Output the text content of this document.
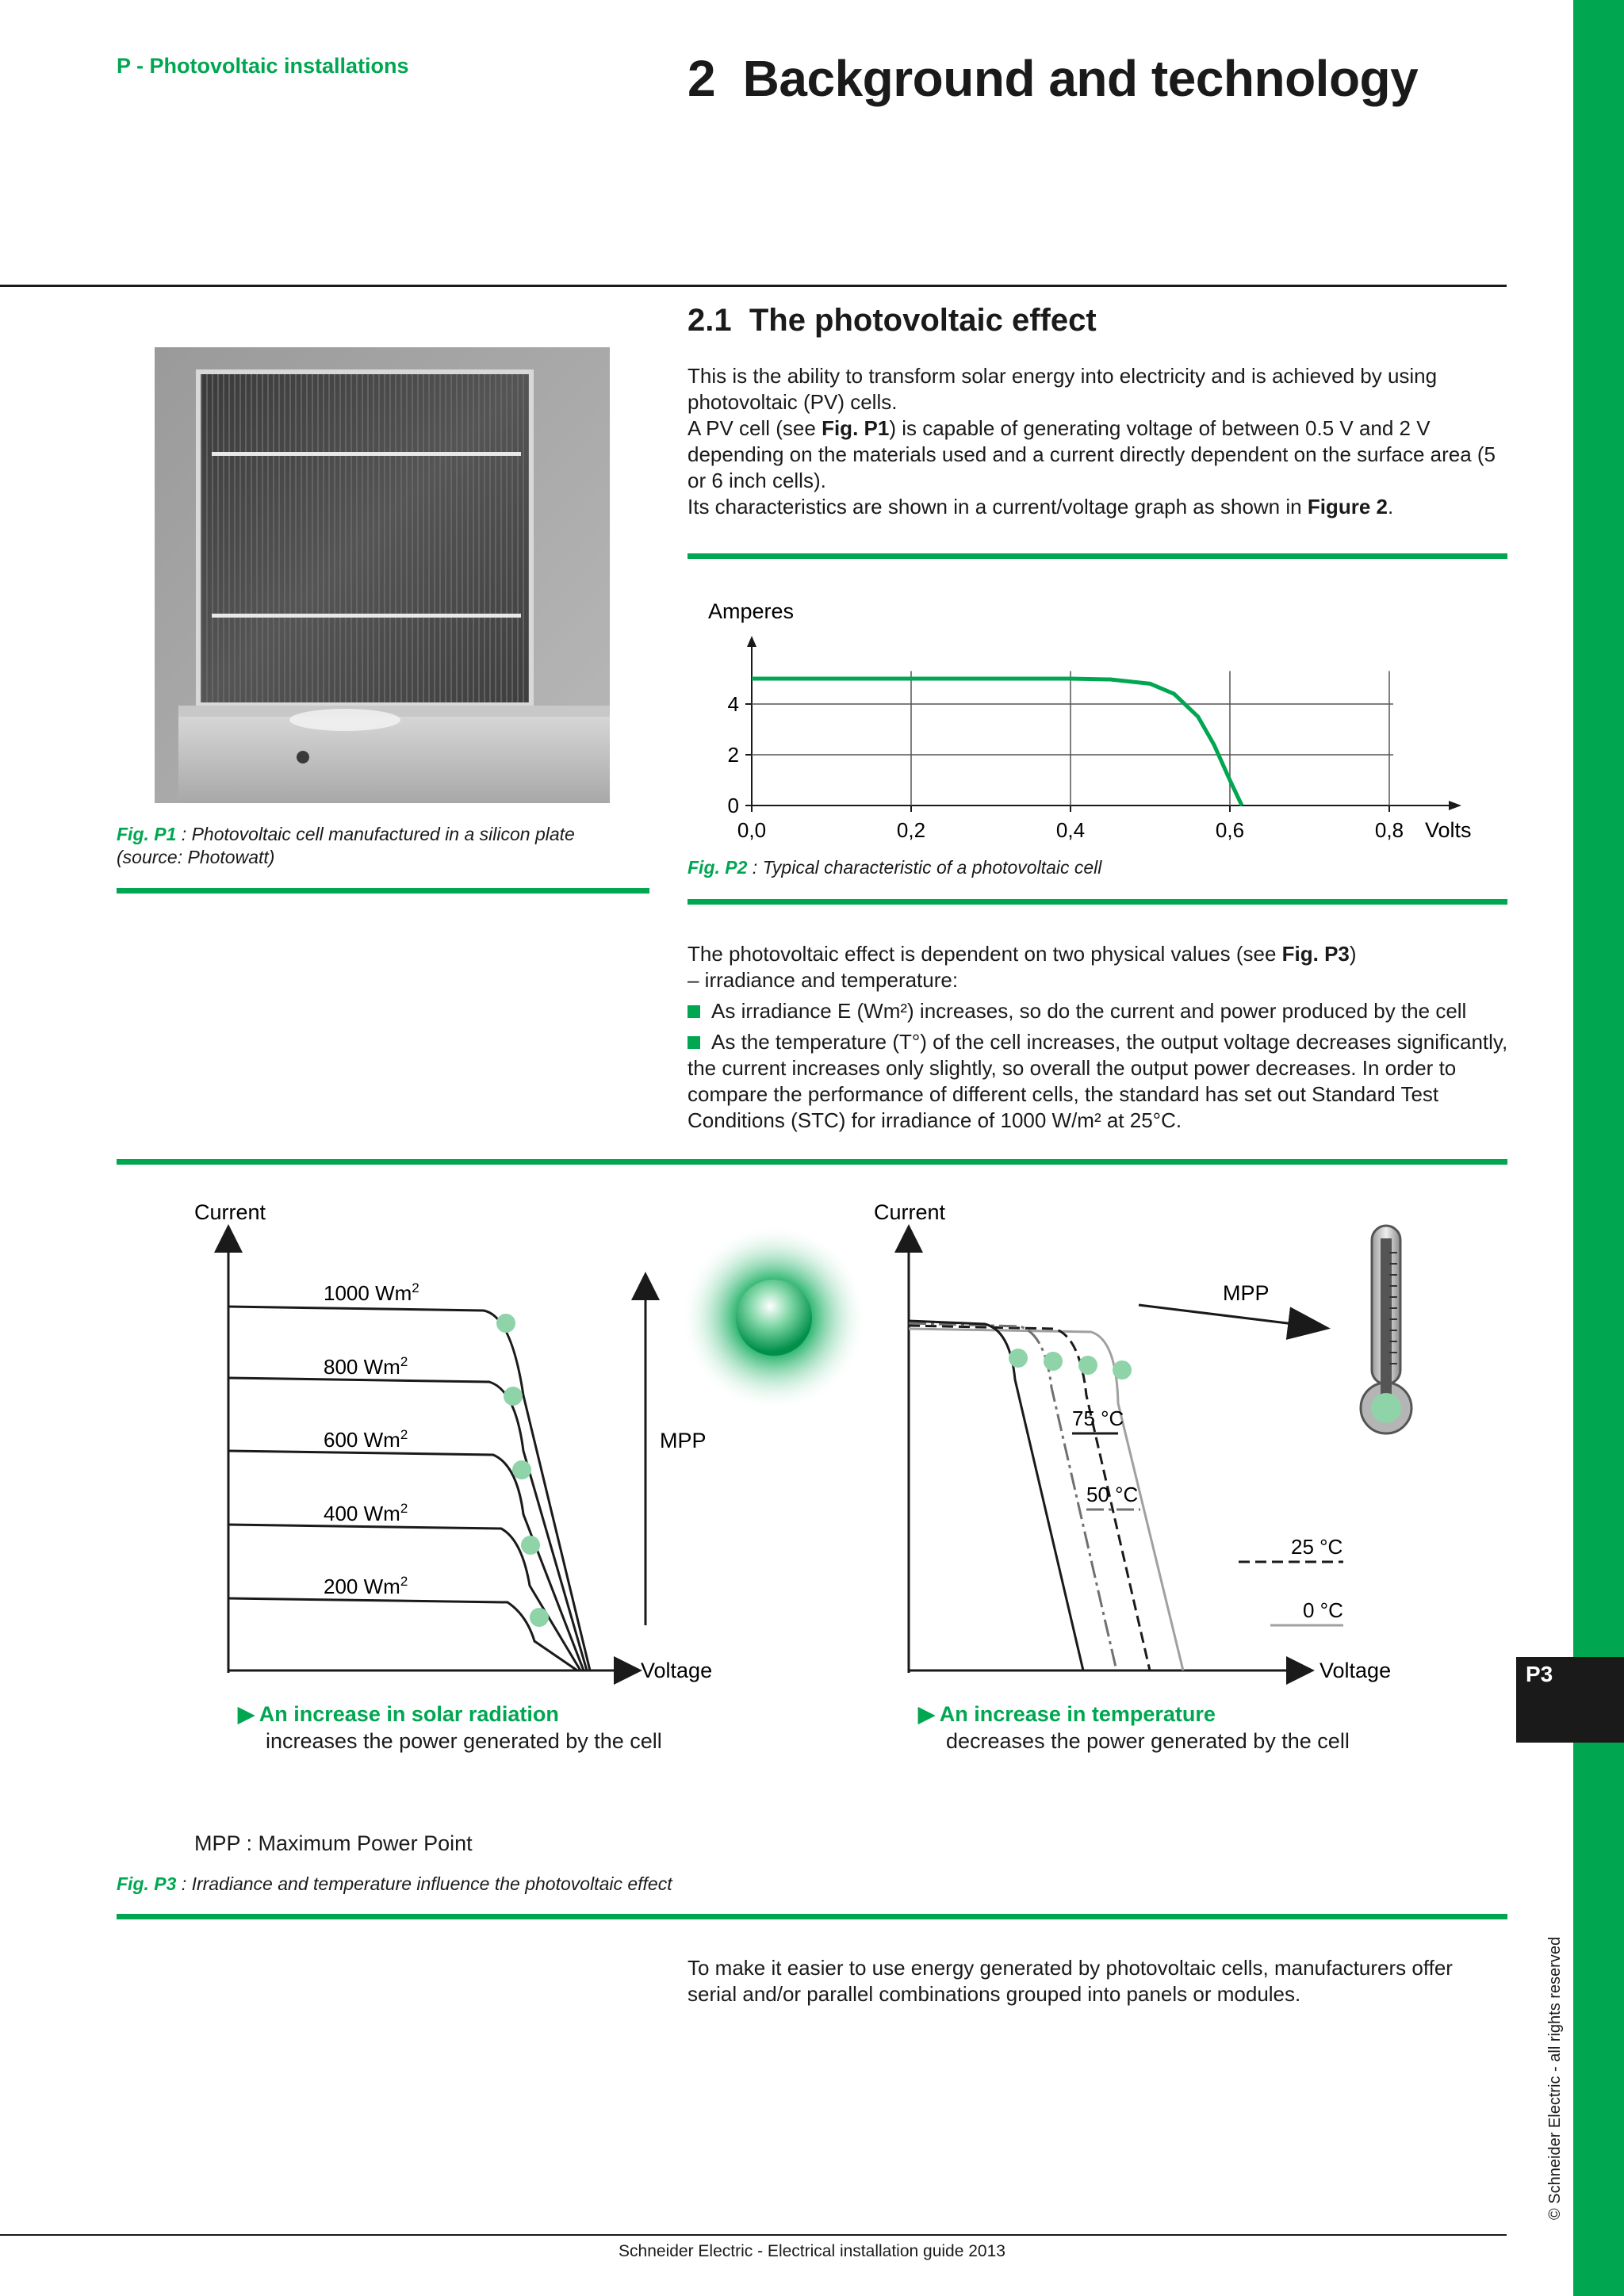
P3
© Schneider Electric - all rights reserved
P - Photovoltaic installations	2  Background and technology
2.1  The photovoltaic effect

This is the ability to transform solar energy into electricity and is achieved by using photovoltaic (PV) cells.

A PV cell (see Fig. P1) is capable of generating voltage of between 0.5 V and 2 V depending on the materials used and a current directly dependent on the surface area (5 or 6 inch cells).

Its characteristics are shown in a current/voltage graph as shown in Figure 2.

Fig. P1 : Photovoltaic cell manufactured in a silicon plate (source: Photowatt)
Amperes
Volts
0
2
4
0,0	0,2	0,4	0,6	0,8
Fig. P2 : Typical characteristic of a photovoltaic cell

The photovoltaic effect is dependent on two physical values (see Fig. P3)

– irradiance and temperature:

As irradiance E (Wm²) increases, so do the current and power produced by the cell
As the temperature (T°) of the cell increases, the output voltage decreases significantly, the current increases only slightly, so overall the output power decreases. In order to compare the performance of different cells, the standard has set out Standard Test Conditions (STC) for irradiance of 1000 W/m² at 25°C.
Current
Voltage
1000 Wm$^2$
800 Wm$^2$
600 Wm$^2$
400 Wm$^2$
200 Wm$^2$
MPP
Current
Voltage
MPP
75 °C
50 °C
25 °C
0 °C
▶ An increase in solar radiation
increases the power generated by the cell
▶ An increase in temperature
decreases the power generated by the cell
MPP : Maximum Power Point
Fig. P3 : Irradiance and temperature influence the photovoltaic effect
To make it easier to use energy generated by photovoltaic cells, manufacturers offer serial and/or parallel combinations grouped into panels or modules.
Schneider Electric - Electrical installation guide 2013
